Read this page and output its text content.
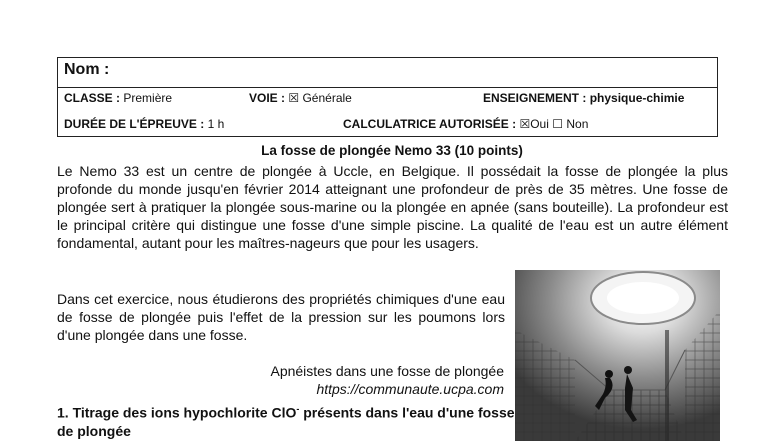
Nom :
CLASSE : Première	VOIE : ☒ Générale	ENSEIGNEMENT : physique-chimie
DURÉE DE L'ÉPREUVE : 1 h	CALCULATRICE AUTORISÉE : ☒Oui ☐ Non
La fosse de plongée Nemo 33 (10 points)

Le Nemo 33 est un centre de plongée à Uccle, en Belgique. Il possédait la fosse de plongée la plus profonde du monde jusqu'en février 2014 atteignant une profondeur de près de 35 mètres. Une fosse de plongée sert à pratiquer la plongée sous-marine ou la plongée en apnée (sans bouteille). La profondeur est le principal critère qui distingue une fosse d'une simple piscine. La qualité de l'eau est un autre élément fondamental, autant pour les maîtres-nageurs que pour les usagers.

Dans cet exercice, nous étudierons des propriétés chimiques d'une eau de fosse de plongée puis l'effet de la pression sur les poumons lors d'une plongée dans une fosse.

Apnéistes dans une fosse de plongée
https://communaute.ucpa.com
1. Titrage des ions hypochlorite ClO- présents dans l'eau d'une fosse de plongée
